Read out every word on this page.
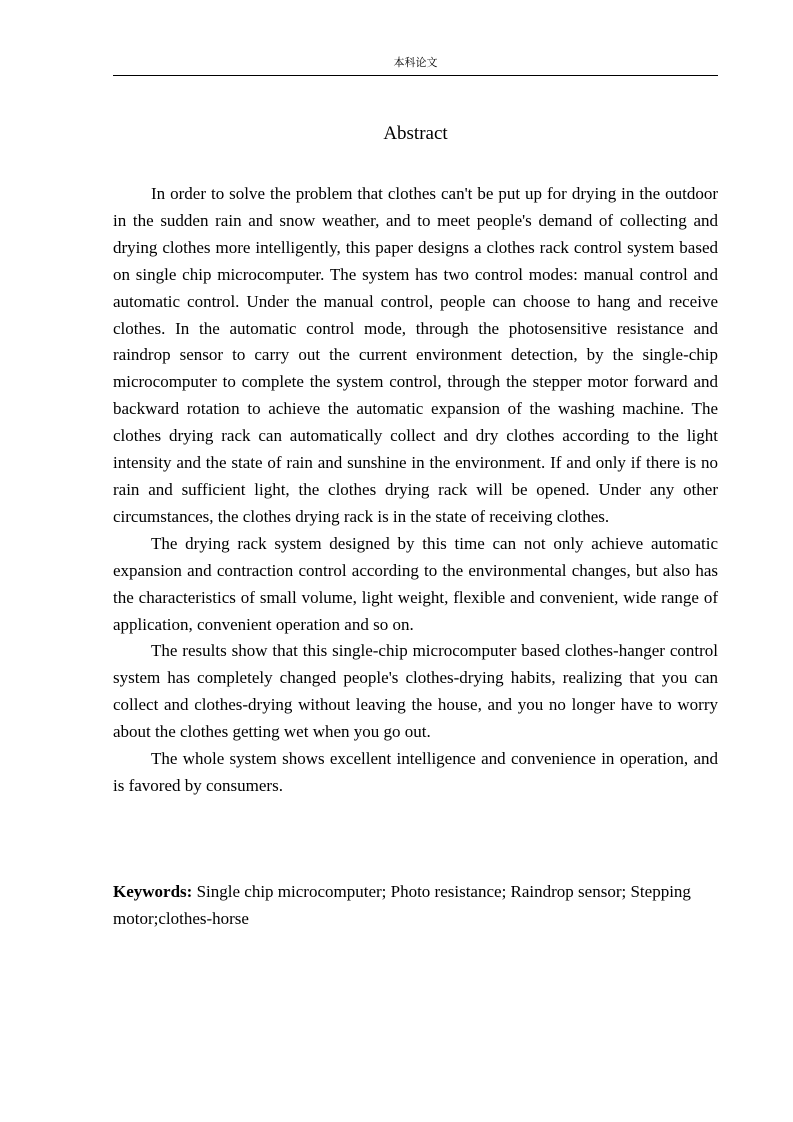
本科论文
Abstract

In order to solve the problem that clothes can't be put up for drying in the outdoor in the sudden rain and snow weather, and to meet people's demand of collecting and drying clothes more intelligently, this paper designs a clothes rack control system based on single chip microcomputer. The system has two control modes: manual control and automatic control. Under the manual control, people can choose to hang and receive clothes. In the automatic control mode, through the photosensitive resistance and raindrop sensor to carry out the current environment detection, by the single-chip microcomputer to complete the system control, through the stepper motor forward and backward rotation to achieve the automatic expansion of the washing machine. The clothes drying rack can automatically collect and dry clothes according to the light intensity and the state of rain and sunshine in the environment. If and only if there is no rain and sufficient light, the clothes drying rack will be opened. Under any other circumstances, the clothes drying rack is in the state of receiving clothes.

The drying rack system designed by this time can not only achieve automatic expansion and contraction control according to the environmental changes, but also has the characteristics of small volume, light weight, flexible and convenient, wide range of application, convenient operation and so on.

The results show that this single-chip microcomputer based clothes-hanger control system has completely changed people's clothes-drying habits, realizing that you can collect and clothes-drying without leaving the house, and you no longer have to worry about the clothes getting wet when you go out.

The whole system shows excellent intelligence and convenience in operation, and is favored by consumers.

Keywords: Single chip microcomputer; Photo resistance; Raindrop sensor; Stepping motor;clothes-horse
